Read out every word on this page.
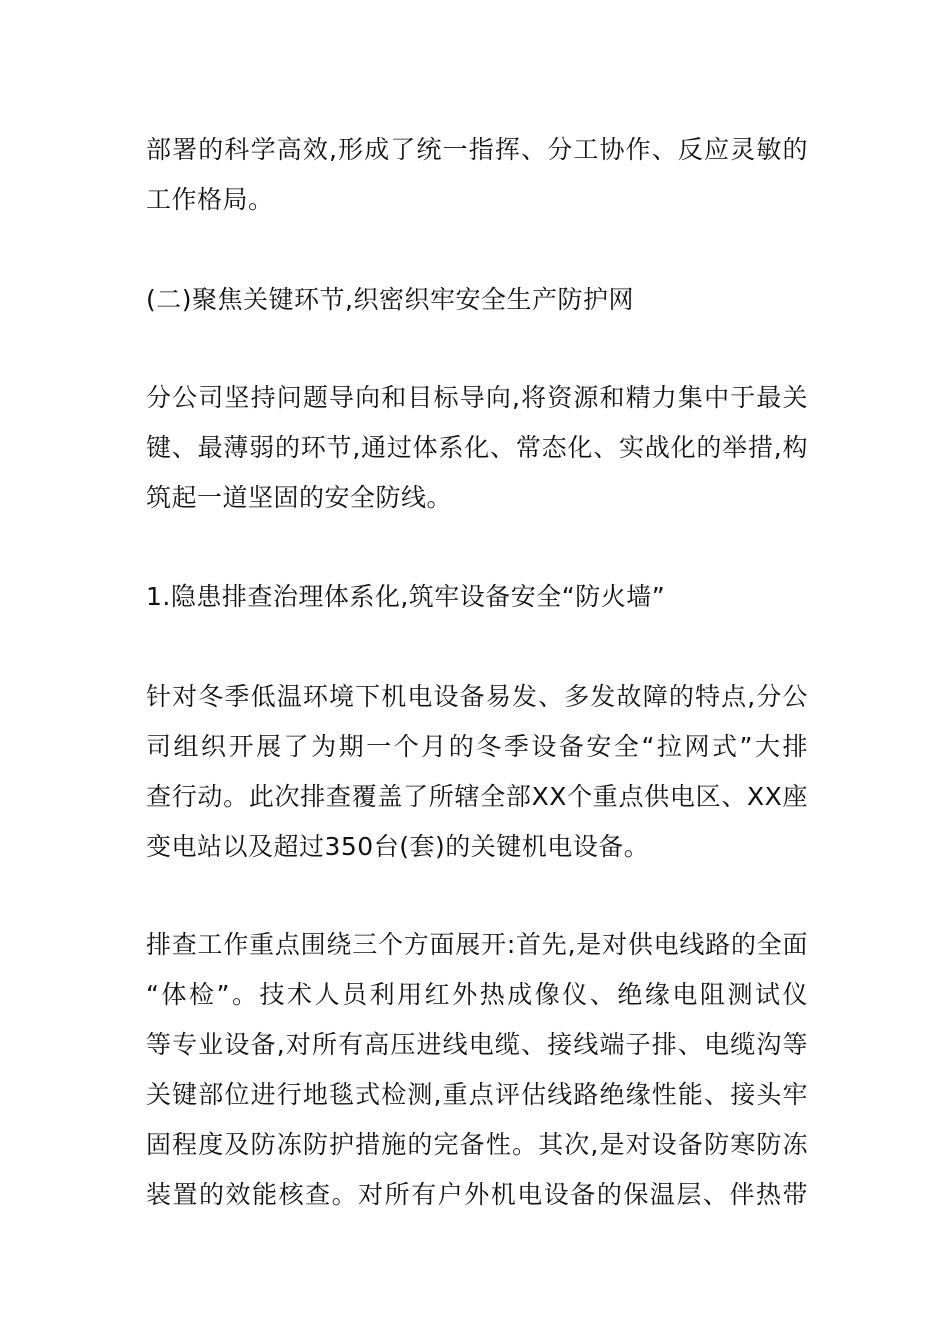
部署的科学高效,形成了统一指挥、分工协作、反应灵敏的
工作格局。
(二)聚焦关键环节,织密织牢安全生产防护网
分公司坚持问题导向和目标导向,将资源和精力集中于最关
键、最薄弱的环节,通过体系化、常态化、实战化的举措,构
筑起一道坚固的安全防线。
1.隐患排查治理体系化,筑牢设备安全“防火墙”
针对冬季低温环境下机电设备易发、多发故障的特点,分公
司组织开展了为期一个月的冬季设备安全“拉网式”大排
查行动。此次排查覆盖了所辖全部XX个重点供电区、XX座
变电站以及超过350台(套)的关键机电设备。
排查工作重点围绕三个方面展开:首先,是对供电线路的全面
“体检”。技术人员利用红外热成像仪、绝缘电阻测试仪
等专业设备,对所有高压进线电缆、接线端子排、电缆沟等
关键部位进行地毯式检测,重点评估线路绝缘性能、接头牢
固程度及防冻防护措施的完备性。其次,是对设备防寒防冻
装置的效能核查。对所有户外机电设备的保温层、伴热带
